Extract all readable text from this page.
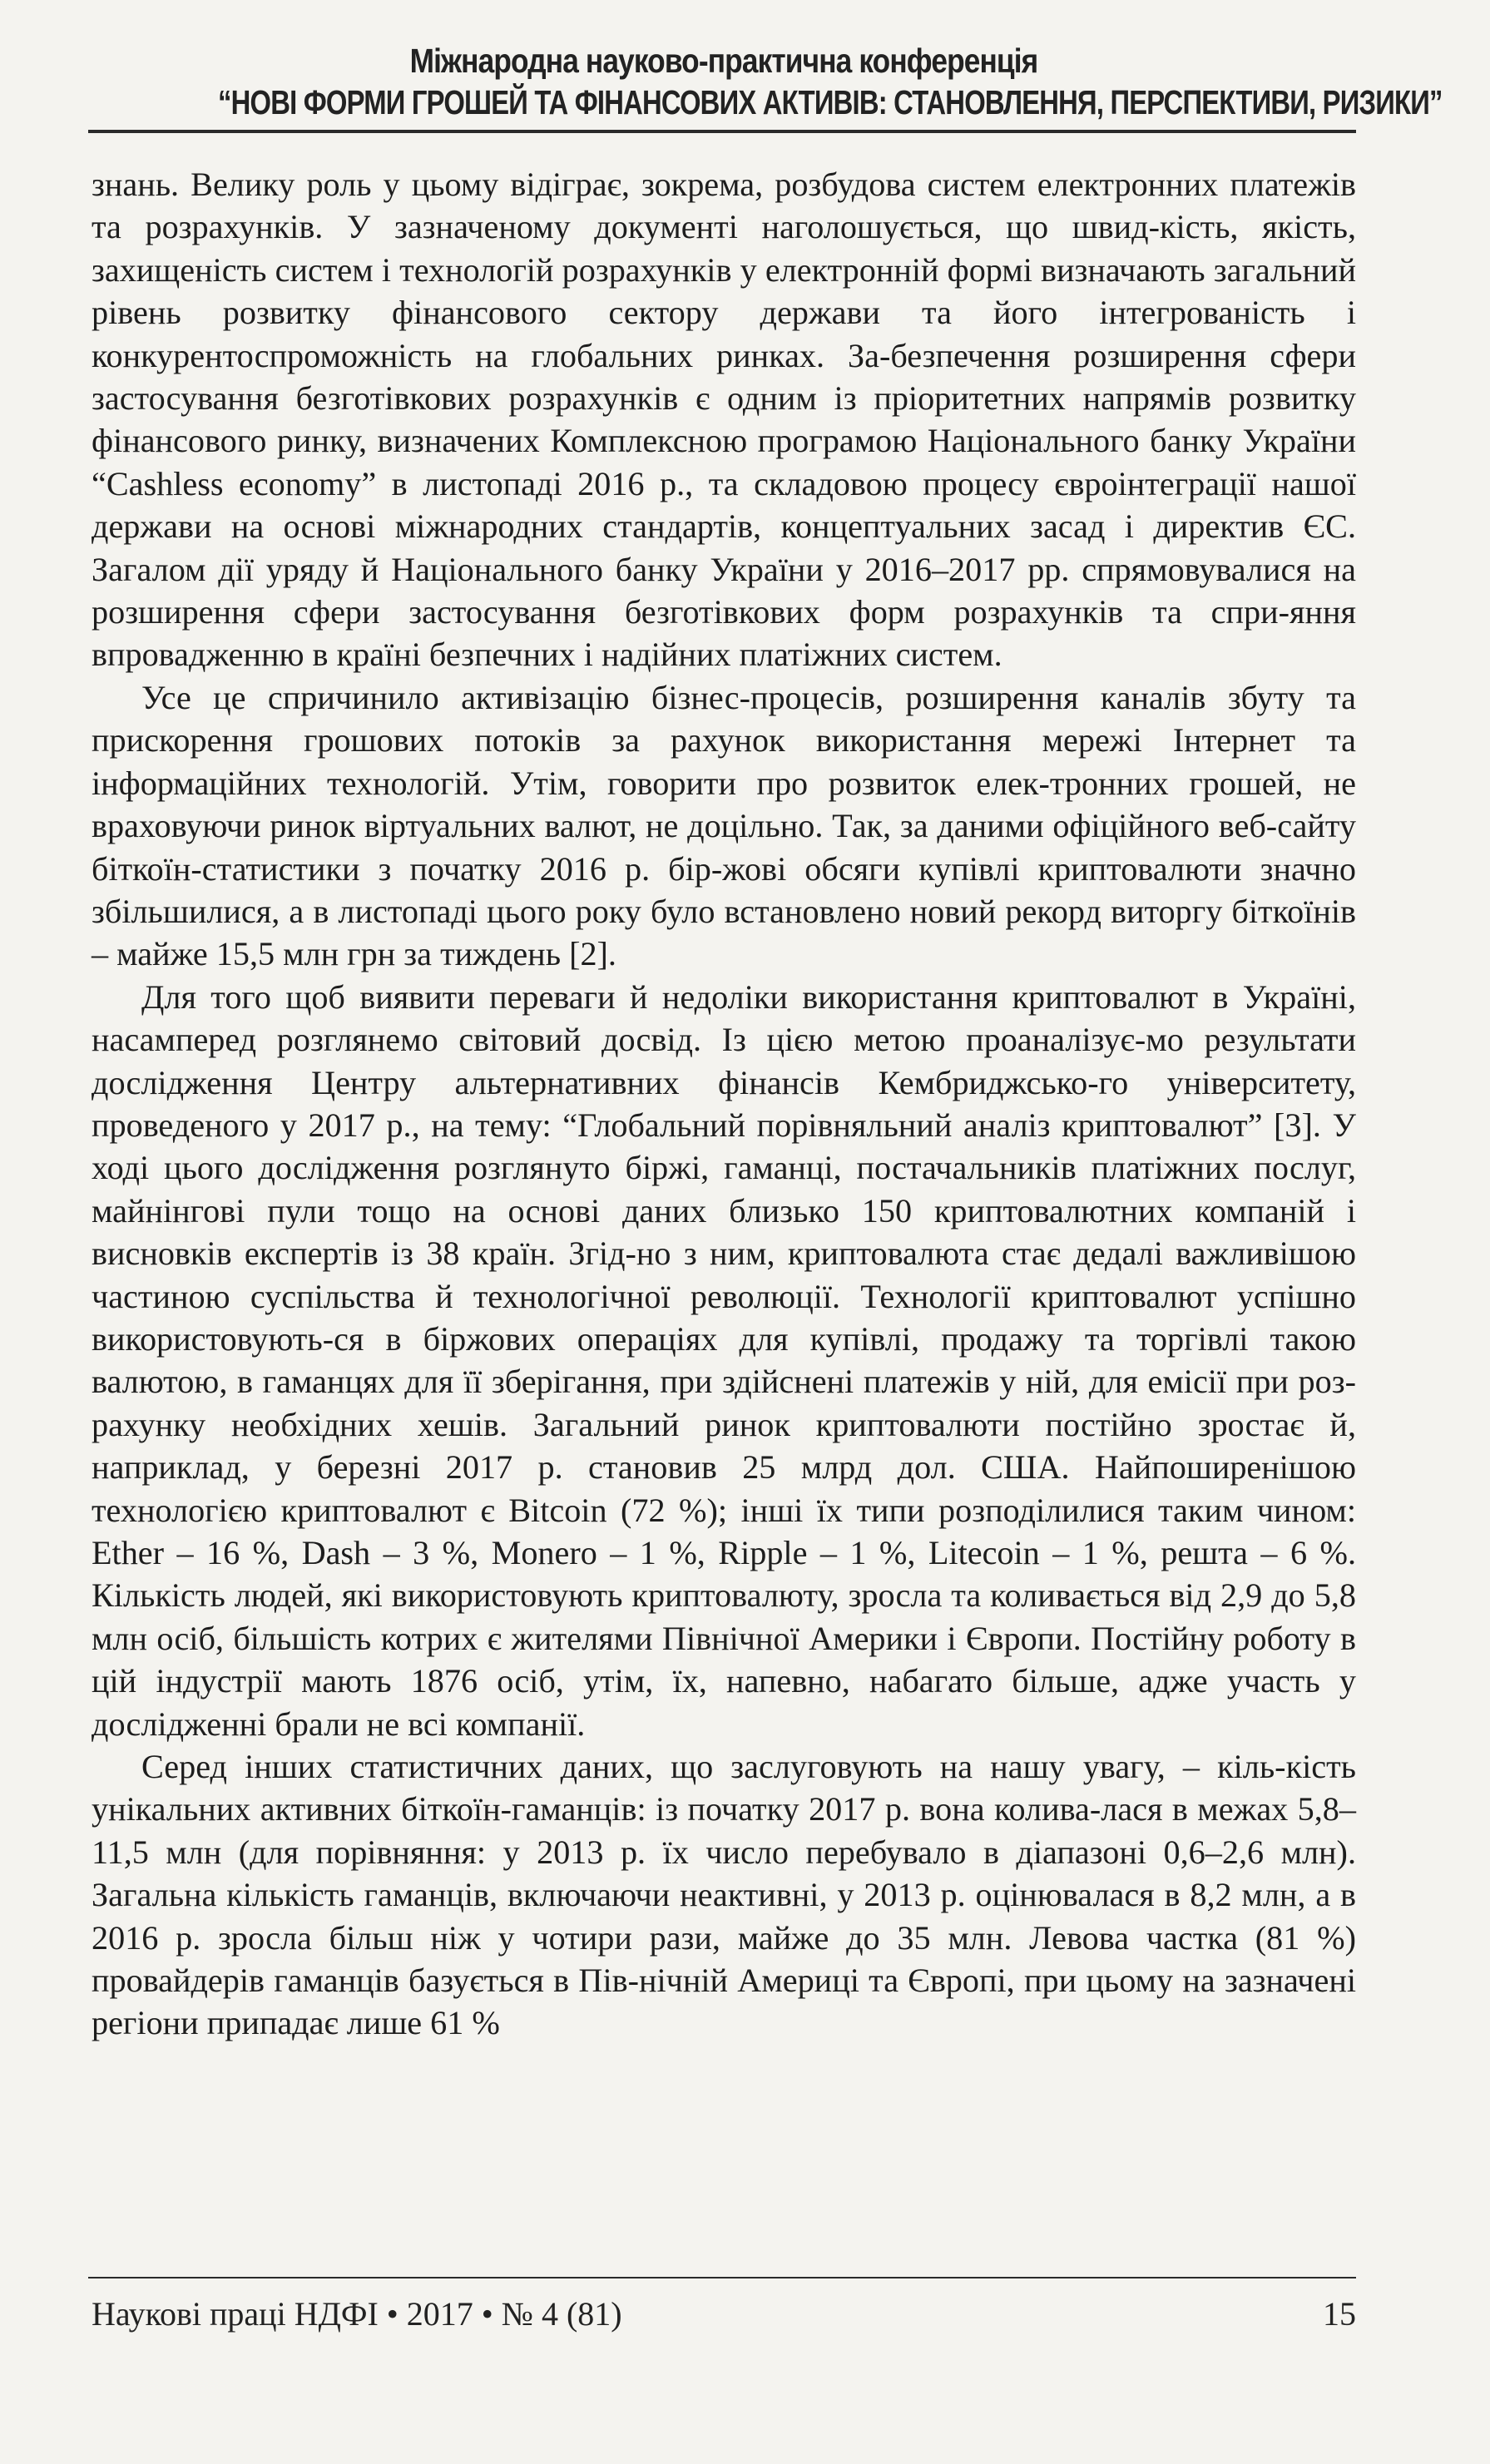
Міжнародна науково-практична конференція
“НОВІ ФОРМИ ГРОШЕЙ ТА ФІНАНСОВИХ АКТИВІВ: СТАНОВЛЕННЯ, ПЕРСПЕКТИВИ, РИЗИКИ”

знань. Велику роль у цьому відіграє, зокрема, розбудова систем електронних платежів та розрахунків. У зазначеному документі наголошується, що швид-кість, якість, захищеність систем і технологій розрахунків у електронній формі визначають загальний рівень розвитку фінансового сектору держави та його інтегрованість і конкурентоспроможність на глобальних ринках. За-безпечення розширення сфери застосування безготівкових розрахунків є одним із пріоритетних напрямів розвитку фінансового ринку, визначених Комплексною програмою Національного банку України “Cashless economy” в листопаді 2016 р., та складовою процесу євроінтеграції нашої держави на основі міжнародних стандартів, концептуальних засад і директив ЄС. Загалом дії уряду й Національного банку України у 2016–2017 рр. спрямовувалися на розширення сфери застосування безготівкових форм розрахунків та спри-яння впровадженню в країні безпечних і надійних платіжних систем.

Усе це спричинило активізацію бізнес-процесів, розширення каналів збуту та прискорення грошових потоків за рахунок використання мережі Інтернет та інформаційних технологій. Утім, говорити про розвиток елек-тронних грошей, не враховуючи ринок віртуальних валют, не доцільно. Так, за даними офіційного веб-сайту біткоїн-статистики з початку 2016 р. бір-жові обсяги купівлі криптовалюти значно збільшилися, а в листопаді цього року було встановлено новий рекорд виторгу біткоїнів – майже 15,5 млн грн за тиждень [2].

Для того щоб виявити переваги й недоліки використання криптовалют в Україні, насамперед розглянемо світовий досвід. Із цією метою проаналізує-мо результати дослідження Центру альтернативних фінансів Кембриджсько-го університету, проведеного у 2017 р., на тему: “Глобальний порівняльний аналіз криптовалют” [3]. У ході цього дослідження розглянуто біржі, гаманці, постачальників платіжних послуг, майнінгові пули тощо на основі даних близько 150 криптовалютних компаній і висновків експертів із 38 країн. Згід-но з ним, криптовалюта стає дедалі важливішою частиною суспільства й технологічної революції. Технології криптовалют успішно використовують-ся в біржових операціях для купівлі, продажу та торгівлі такою валютою, в гаманцях для її зберігання, при здійснені платежів у ній, для емісії при роз-рахунку необхідних хешів. Загальний ринок криптовалюти постійно зростає й, наприклад, у березні 2017 р. становив 25 млрд дол. США. Найпоширенішою технологією криптовалют є Bitcoin (72 %); інші їх типи розподілилися таким чином: Ether – 16 %, Dash – 3 %, Monero – 1 %, Ripple – 1 %, Litecoin – 1 %, решта – 6 %. Кількість людей, які використовують криптовалюту, зросла та коливається від 2,9 до 5,8 млн осіб, більшість котрих є жителями Північної Америки і Європи. Постійну роботу в цій індустрії мають 1876 осіб, утім, їх, напевно, набагато більше, адже участь у дослідженні брали не всі компанії.

Серед інших статистичних даних, що заслуговують на нашу увагу, – кіль-кість унікальних активних біткоїн-гаманців: із початку 2017 р. вона колива-лася в межах 5,8–11,5 млн (для порівняння: у 2013 р. їх число перебувало в діапазоні 0,6–2,6 млн). Загальна кількість гаманців, включаючи неактивні, у 2013 р. оцінювалася в 8,2 млн, а в 2016 р. зросла більш ніж у чотири рази, майже до 35 млн. Левова частка (81 %) провайдерів гаманців базується в Пів-нічній Америці та Європі, при цьому на зазначені регіони припадає лише 61 %

Наукові праці НДФІ • 2017 • № 4 (81)	15
